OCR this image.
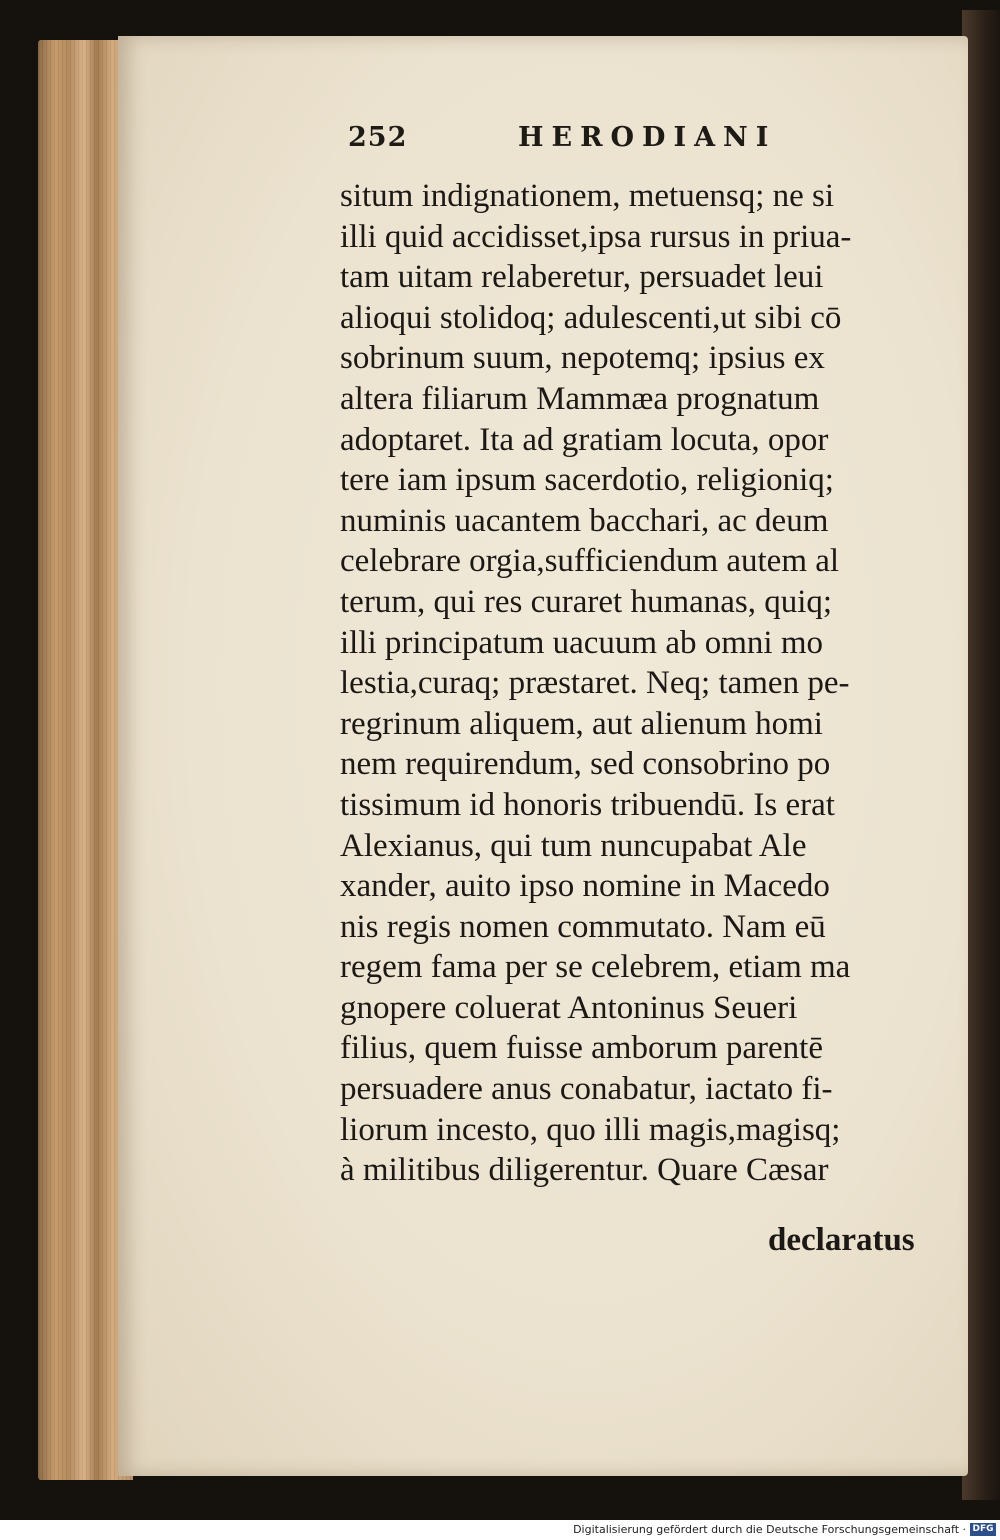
252	HERODIANI
situm indignationem, metuensq; ne si
illi quid accidisset,ipsa rursus in priua-
tam uitam relaberetur, persuadet leui
alioqui stolidoq; adulescenti,ut sibi cō
sobrinum suum, nepotemq; ipsius ex
altera filiarum Mammæa prognatum
adoptaret. Ita ad gratiam locuta, opor
tere iam ipsum sacerdotio, religioniq;
numinis uacantem bacchari, ac deum
celebrare orgia,sufficiendum autem al
terum, qui res curaret humanas, quiq;
illi principatum uacuum ab omni mo
lestia,curaq; præstaret. Neq; tamen pe-
regrinum aliquem, aut alienum homi
nem requirendum, sed consobrino po
tissimum id honoris tribuendū. Is erat
Alexianus, qui tum nuncupabat Ale
xander, auito ipso nomine in Macedo
nis regis nomen commutato. Nam eū
regem fama per se celebrem, etiam ma
gnopere coluerat Antoninus Seueri
filius, quem fuisse amborum parentē
persuadere anus conabatur, iactato fi-
liorum incesto, quo illi magis,magisq;
à militibus diligerentur. Quare Cæsar
declaratus
Digitalisierung gefördert durch die Deutsche Forschungsgemeinschaft · DFG
